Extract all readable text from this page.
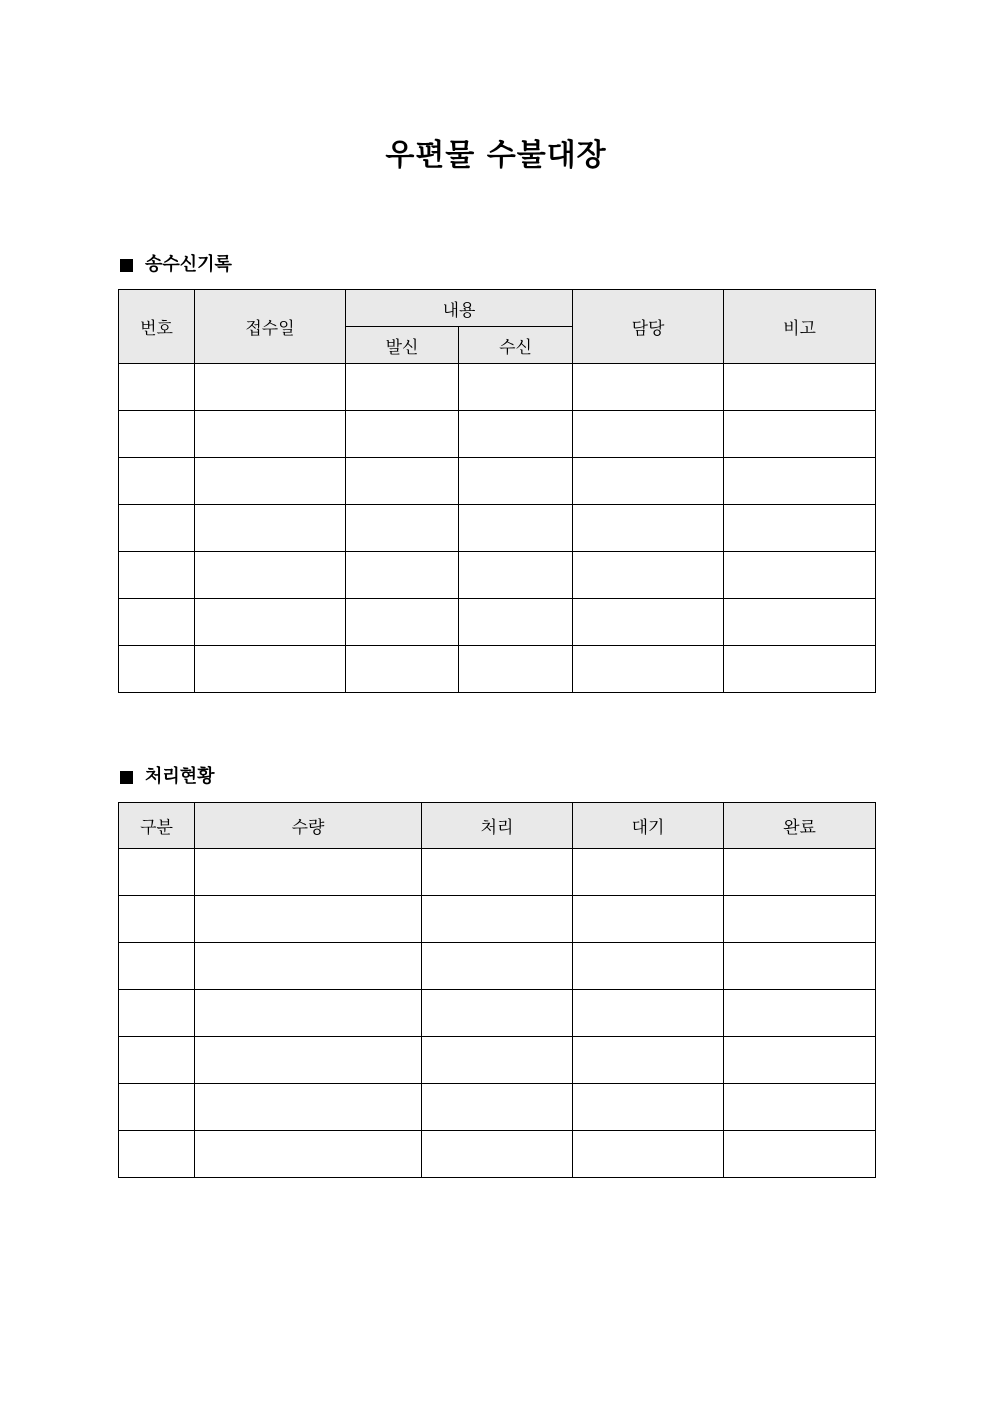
우편물 수불대장
송수신기록
번호	접수일	내용		담당	비고
		발신	수신		

처리현황
구분	수량	처리	대기	완료
